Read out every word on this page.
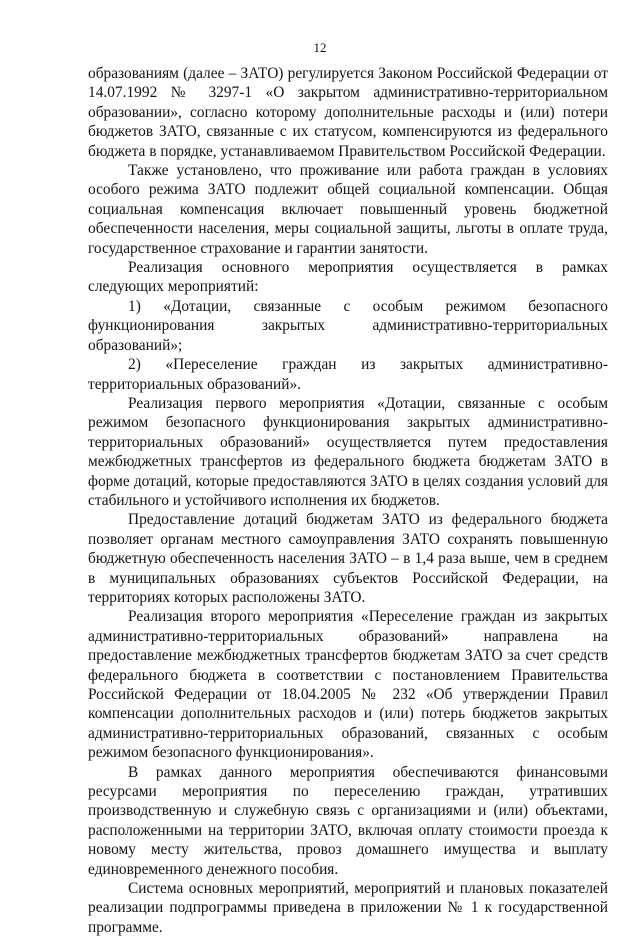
12

образованиям (далее – ЗАТО) регулируется Законом Российской Федерации от 14.07.1992 № 3297-1 «О закрытом административно-территориальном образовании», согласно которому дополнительные расходы и (или) потери бюджетов ЗАТО, связанные с их статусом, компенсируются из федерального бюджета в порядке, устанавливаемом Правительством Российской Федерации.

Также установлено, что проживание или работа граждан в условиях особого режима ЗАТО подлежит общей социальной компенсации. Общая социальная компенсация включает повышенный уровень бюджетной обеспеченности населения, меры социальной защиты, льготы в оплате труда, государственное страхование и гарантии занятости.

Реализация основного мероприятия осуществляется в рамках следующих мероприятий:

1) «Дотации, связанные с особым режимом безопасного функционирования закрытых административно-территориальных образований»;

2) «Переселение граждан из закрытых административно-территориальных образований».

Реализация первого мероприятия «Дотации, связанные с особым режимом безопасного функционирования закрытых административно-территориальных образований» осуществляется путем предоставления межбюджетных трансфертов из федерального бюджета бюджетам ЗАТО в форме дотаций, которые предоставляются ЗАТО в целях создания условий для стабильного и устойчивого исполнения их бюджетов.

Предоставление дотаций бюджетам ЗАТО из федерального бюджета позволяет органам местного самоуправления ЗАТО сохранять повышенную бюджетную обеспеченность населения ЗАТО – в 1,4 раза выше, чем в среднем в муниципальных образованиях субъектов Российской Федерации, на территориях которых расположены ЗАТО.

Реализация второго мероприятия «Переселение граждан из закрытых административно-территориальных образований» направлена на предоставление межбюджетных трансфертов бюджетам ЗАТО за счет средств федерального бюджета в соответствии с постановлением Правительства Российской Федерации от 18.04.2005 № 232 «Об утверждении Правил компенсации дополнительных расходов и (или) потерь бюджетов закрытых административно-территориальных образований, связанных с особым режимом безопасного функционирования».

В рамках данного мероприятия обеспечиваются финансовыми ресурсами мероприятия по переселению граждан, утративших производственную и служебную связь с организациями и (или) объектами, расположенными на территории ЗАТО, включая оплату стоимости проезда к новому месту жительства, провоз домашнего имущества и выплату единовременного денежного пособия.

Система основных мероприятий, мероприятий и плановых показателей реализации подпрограммы приведена в приложении № 1 к государственной программе.
